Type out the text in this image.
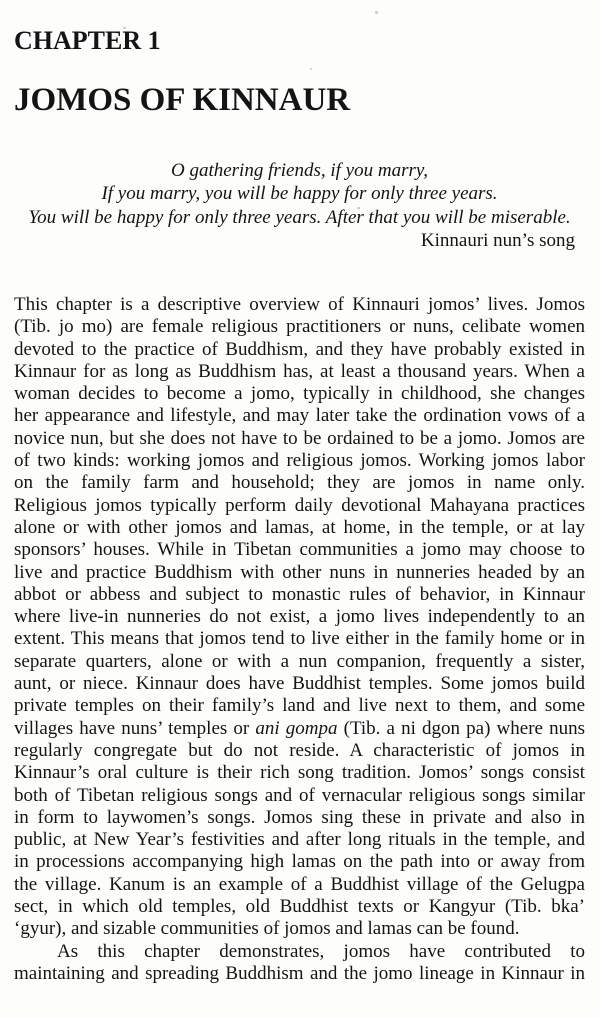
CHAPTER 1
JOMOS OF KINNAUR
O gathering friends, if you marry,
If you marry, you will be happy for only three years.
You will be happy for only three years. After that you will be miserable.
Kinnauri nun’s song
This chapter is a descriptive overview of Kinnauri jomos’ lives. Jomos
(Tib. jo mo) are female religious practitioners or nuns, celibate women
devoted to the practice of Buddhism, and they have probably existed in
Kinnaur for as long as Buddhism has, at least a thousand years. When a
woman decides to become a jomo, typically in childhood, she changes
her appearance and lifestyle, and may later take the ordination vows of a
novice nun, but she does not have to be ordained to be a jomo. Jomos are
of two kinds: working jomos and religious jomos. Working jomos labor
on the family farm and household; they are jomos in name only.
Religious jomos typically perform daily devotional Mahayana practices
alone or with other jomos and lamas, at home, in the temple, or at lay
sponsors’ houses. While in Tibetan communities a jomo may choose to
live and practice Buddhism with other nuns in nunneries headed by an
abbot or abbess and subject to monastic rules of behavior, in Kinnaur
where live-in nunneries do not exist, a jomo lives independently to an
extent. This means that jomos tend to live either in the family home or in
separate quarters, alone or with a nun companion, frequently a sister,
aunt, or niece. Kinnaur does have Buddhist temples. Some jomos build
private temples on their family’s land and live next to them, and some
villages have nuns’ temples or ani gompa (Tib. a ni dgon pa) where nuns
regularly congregate but do not reside. A characteristic of jomos in
Kinnaur’s oral culture is their rich song tradition. Jomos’ songs consist
both of Tibetan religious songs and of vernacular religious songs similar
in form to laywomen’s songs. Jomos sing these in private and also in
public, at New Year’s festivities and after long rituals in the temple, and
in processions accompanying high lamas on the path into or away from
the village. Kanum is an example of a Buddhist village of the Gelugpa
sect, in which old temples, old Buddhist texts or Kangyur (Tib. bka’
‘gyur), and sizable communities of jomos and lamas can be found.
As this chapter demonstrates, jomos have contributed to
maintaining and spreading Buddhism and the jomo lineage in Kinnaur in
